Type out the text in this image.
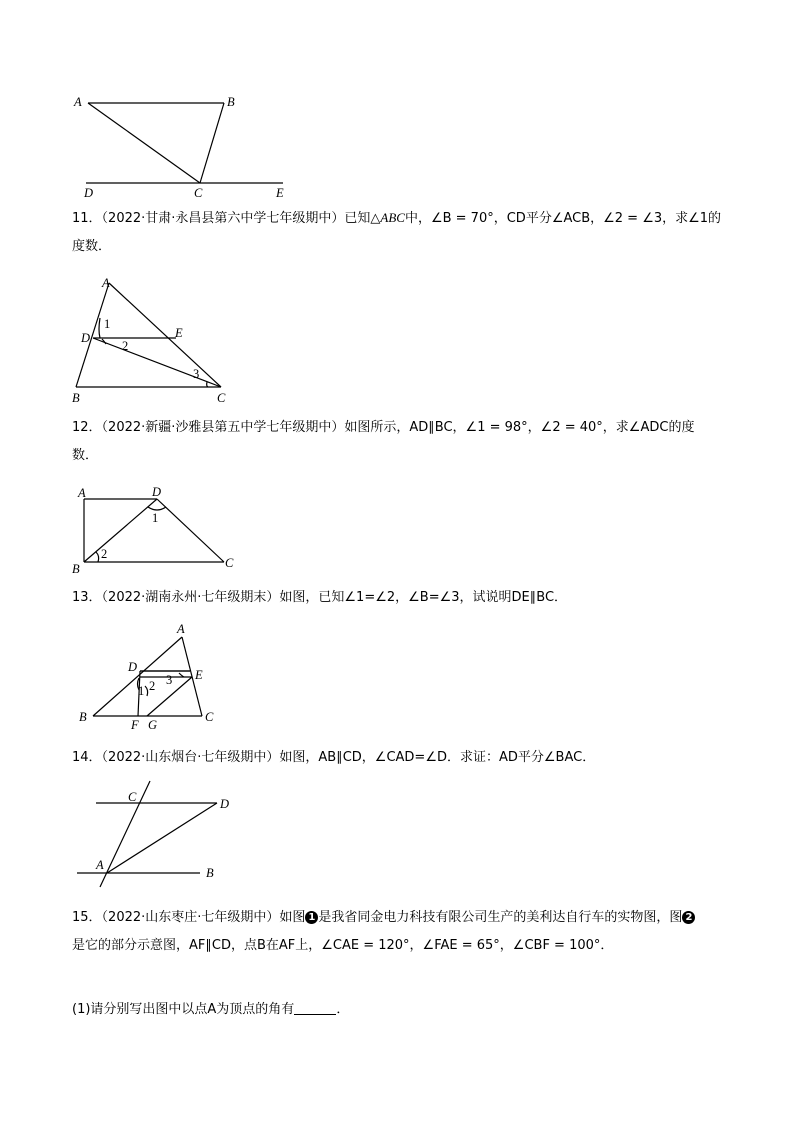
A	B
C
D	E
11．（2022·甘肃·永昌县第六中学七年级期中）已知△ABC中，∠B = 70°，CD平分∠ACB，∠2 = ∠3，求∠1的
度数．
A
B	C
D	E
1
2
3
12．（2022·新疆·沙雅县第五中学七年级期中）如图所示，AD∥BC，∠1 = 98°，∠2 = 40°，求∠ADC的度
数．
A	D
1
2
B	C
13．（2022·湖南永州·七年级期末）如图，已知∠1=∠2，∠B=∠3，试说明DE∥BC．
A
D
E
1 2 3
B
F G
C
14．（2022·山东烟台·七年级期中）如图，AB∥CD，∠CAD=∠D．求证：AD平分∠BAC．
C	D
A
B
15．（2022·山东枣庄·七年级期中）如图 1 是我省同金电力科技有限公司生产的美利达自行车的实物图，图 2
是它的部分示意图，AF∥CD，点B在AF上，∠CAE = 120°，∠FAE = 65°，∠CBF = 100°．
(1)请分别写出图中以点A为顶点的角有	．
